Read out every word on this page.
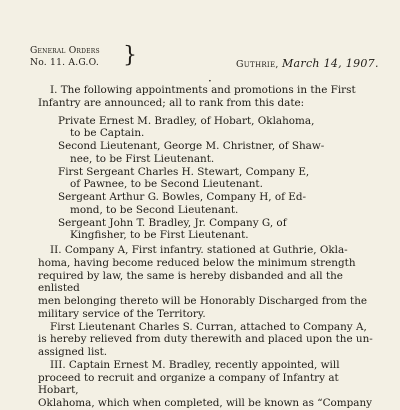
General Orders
No. 11. A.G.O. }	Guthrie, March 14, 1907.
·

I. The following appointments and promotions in the First

Infantry are announced; all to rank from this date:

Private Ernest M. Bradley, of Hobart, Oklahoma,
to be Captain.
Second Lieutenant, George M. Christner, of Shaw-
nee, to be First Lieutenant.
First Sergeant Charles H. Stewart, Company E,
of Pawnee, to be Second Lieutenant.
Sergeant Arthur G. Bowles, Company H, of Ed-
mond, to be Second Lieutenant.
Sergeant John T. Bradley, Jr. Company G, of
Kingfisher, to be First Lieutenant.

II. Company A, First infantry. stationed at Guthrie, Okla-

homa, having become reduced below the minimum strength

required by law, the same is hereby disbanded and all the enlisted

men belonging thereto will be Honorably Discharged from the

military service of the Territory.

First Lieutenant Charles S. Curran, attached to Company A,

is hereby relieved from duty therewith and placed upon the un-

assigned list.

III. Captain Ernest M. Bradley, recently appointed, will

proceed to recruit and organize a company of Infantry at Hobart,

Oklahoma, which when completed, will be known as “Company
